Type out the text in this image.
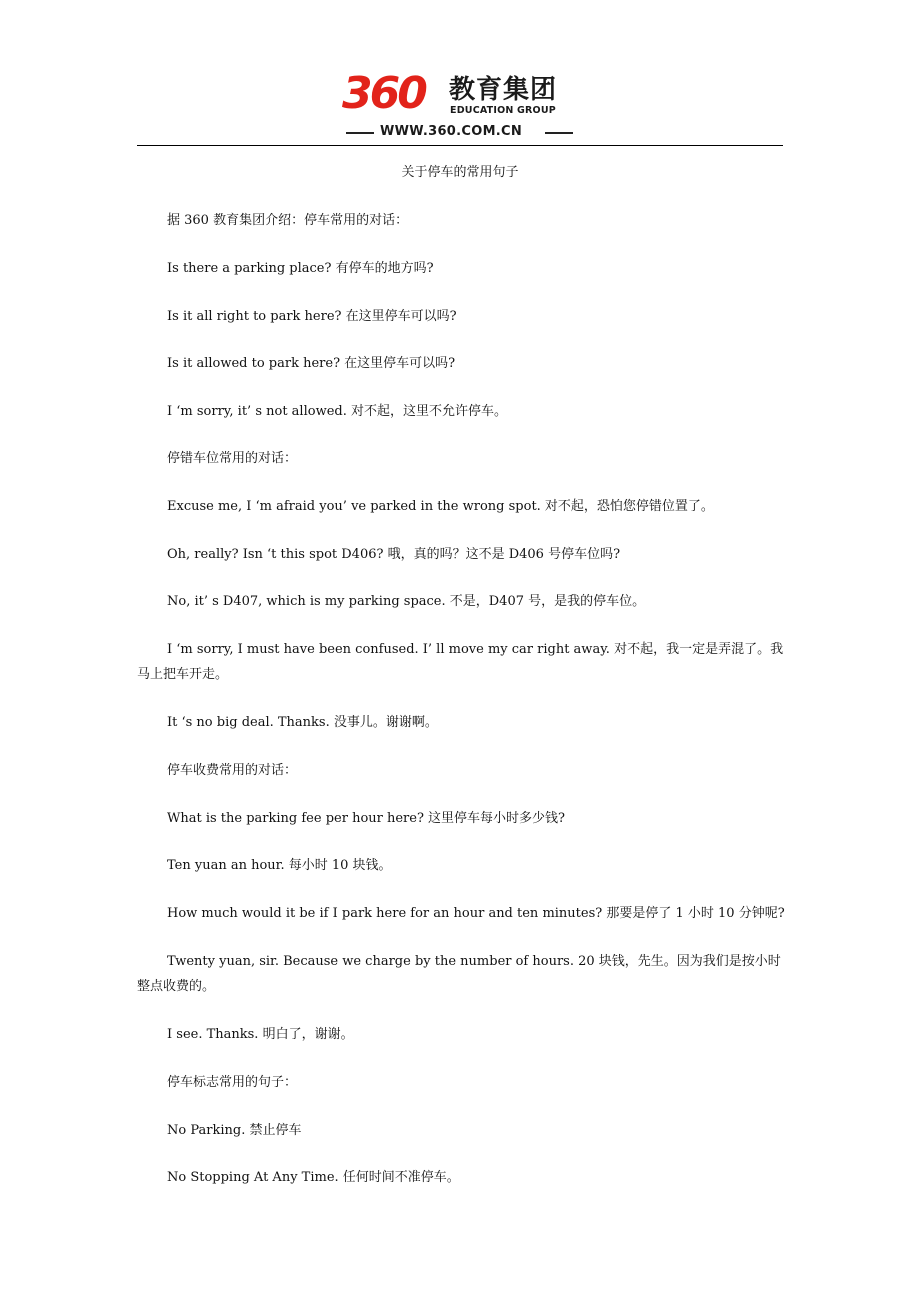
360 教育集团
EDUCATION GROUP
WWW.360.COM.CN
关于停车的常用句子

据 360 教育集团介绍：停车常用的对话：

Is there a parking place? 有停车的地方吗?

Is it all right to park here? 在这里停车可以吗?

Is it allowed to park here? 在这里停车可以吗?

I ‘m sorry, it’ s not allowed. 对不起，这里不允许停车。

停错车位常用的对话：

Excuse me, I ‘m afraid you’ ve parked in the wrong spot. 对不起，恐怕您停错位置了。

Oh, really? Isn ‘t this spot D406? 哦，真的吗？这不是 D406 号停车位吗?

No, it’ s D407, which is my parking space. 不是，D407 号，是我的停车位。

I ‘m sorry, I must have been confused. I’ ll move my car right away. 对不起，我一定是弄混了。我马上把车开走。

It ‘s no big deal. Thanks. 没事儿。谢谢啊。

停车收费常用的对话：

What is the parking fee per hour here? 这里停车每小时多少钱?

Ten yuan an hour. 每小时 10 块钱。

How much would it be if I park here for an hour and ten minutes? 那要是停了 1 小时 10 分钟呢?

Twenty yuan, sir. Because we charge by the number of hours. 20 块钱，先生。因为我们是按小时整点收费的。

I see. Thanks. 明白了，谢谢。

停车标志常用的句子：

No Parking. 禁止停车

No Stopping At Any Time. 任何时间不准停车。
